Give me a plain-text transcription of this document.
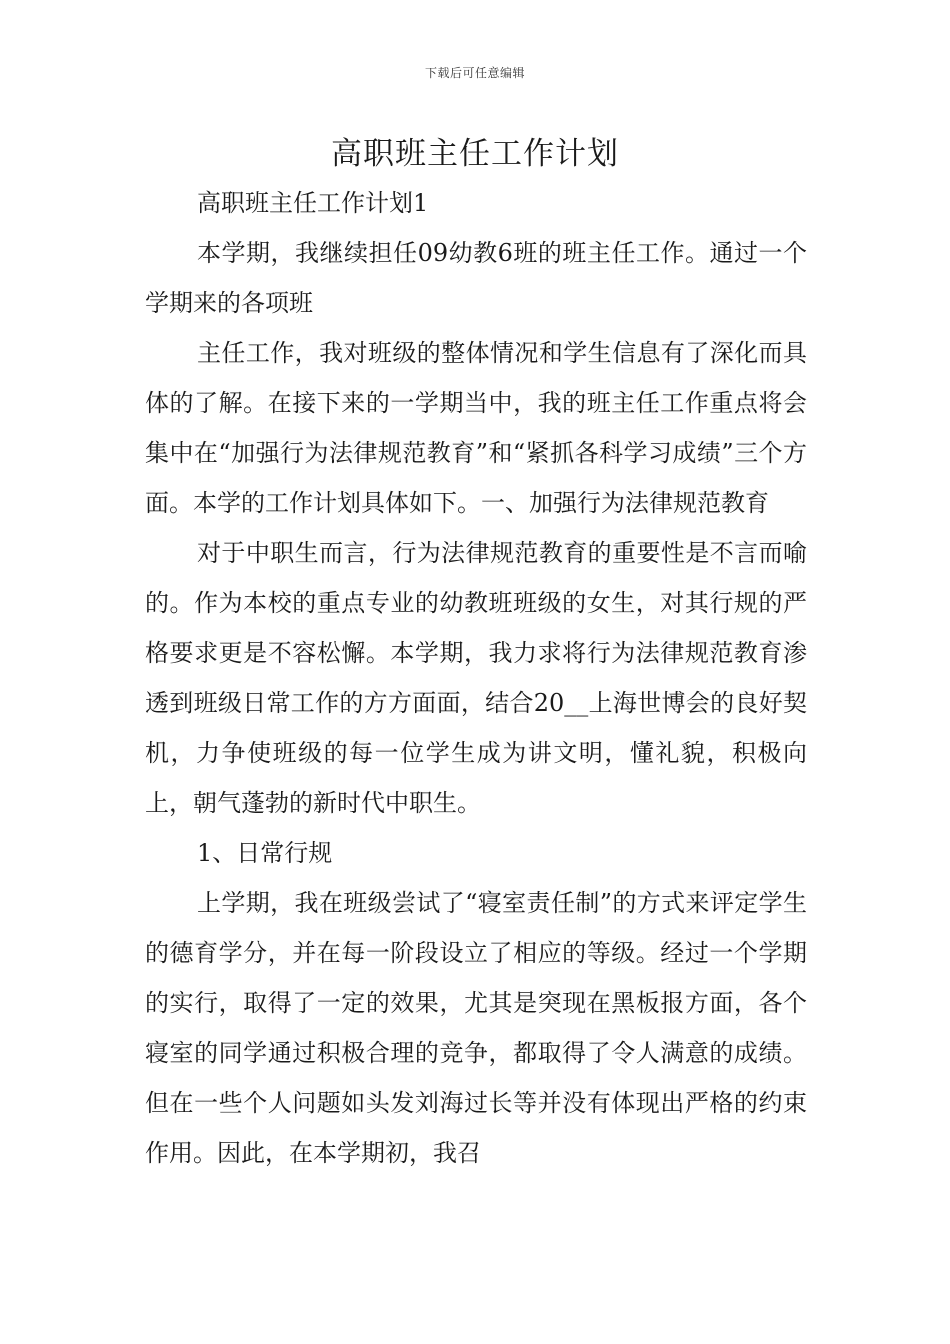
下载后可任意编辑
高职班主任工作计划

高职班主任工作计划1

本学期，我继续担任09幼教6班的班主任工作。通过一个学期来的各项班

主任工作，我对班级的整体情况和学生信息有了深化而具体的了解。在接下来的一学期当中，我的班主任工作重点将会集中在“加强行为法律规范教育”和“紧抓各科学习成绩”三个方面。本学的工作计划具体如下。一、加强行为法律规范教育

对于中职生而言，行为法律规范教育的重要性是不言而喻的。作为本校的重点专业的幼教班班级的女生，对其行规的严格要求更是不容松懈。本学期，我力求将行为法律规范教育渗透到班级日常工作的方方面面，结合20__上海世博会的良好契机，力争使班级的每一位学生成为讲文明，懂礼貌，积极向上，朝气蓬勃的新时代中职生。

1、日常行规

上学期，我在班级尝试了“寝室责任制”的方式来评定学生的德育学分，并在每一阶段设立了相应的等级。经过一个学期的实行，取得了一定的效果，尤其是突现在黑板报方面，各个寝室的同学通过积极合理的竞争，都取得了令人满意的成绩。但在一些个人问题如头发刘海过长等并没有体现出严格的约束作用。因此，在本学期初，我召
